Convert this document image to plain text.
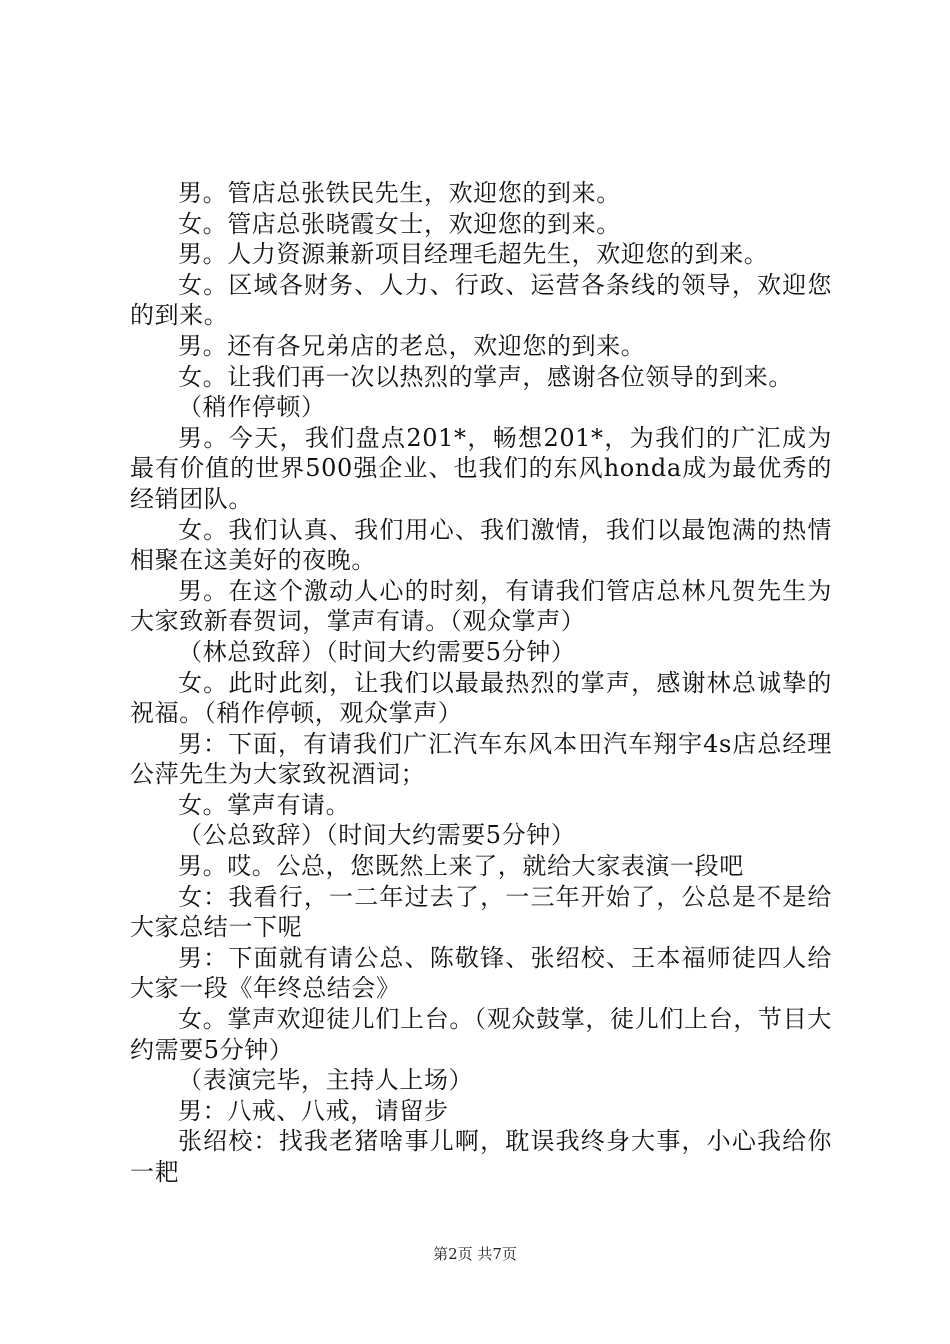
男。管店总张铁民先生，欢迎您的到来。

女。管店总张晓霞女士，欢迎您的到来。

男。人力资源兼新项目经理毛超先生，欢迎您的到来。

女。区域各财务、人力、行政、运营各条线的领导，欢迎您的到来。

男。还有各兄弟店的老总，欢迎您的到来。

女。让我们再一次以热烈的掌声，感谢各位领导的到来。

（稍作停顿）

男。今天，我们盘点201*，畅想201*，为我们的广汇成为最有价值的世界500强企业、也我们的东风honda成为最优秀的经销团队。

女。我们认真、我们用心、我们激情，我们以最饱满的热情相聚在这美好的夜晚。

男。在这个激动人心的时刻，有请我们管店总林凡贺先生为大家致新春贺词，掌声有请。（观众掌声）

（林总致辞）（时间大约需要5分钟）

女。此时此刻，让我们以最最热烈的掌声，感谢林总诚挚的祝福。（稍作停顿，观众掌声）

男：下面，有请我们广汇汽车东风本田汽车翔宇4s店总经理公萍先生为大家致祝酒词；

女。掌声有请。

（公总致辞）（时间大约需要5分钟）

男。哎。公总，您既然上来了，就给大家表演一段吧

女：我看行，一二年过去了，一三年开始了，公总是不是给大家总结一下呢

男：下面就有请公总、陈敬锋、张绍校、王本福师徒四人给大家一段《年终总结会》

女。掌声欢迎徒儿们上台。（观众鼓掌，徒儿们上台，节目大约需要5分钟）

（表演完毕，主持人上场）

男：八戒、八戒，请留步

张绍校：找我老猪啥事儿啊，耽误我终身大事，小心我给你一耙

第2页 共7页
